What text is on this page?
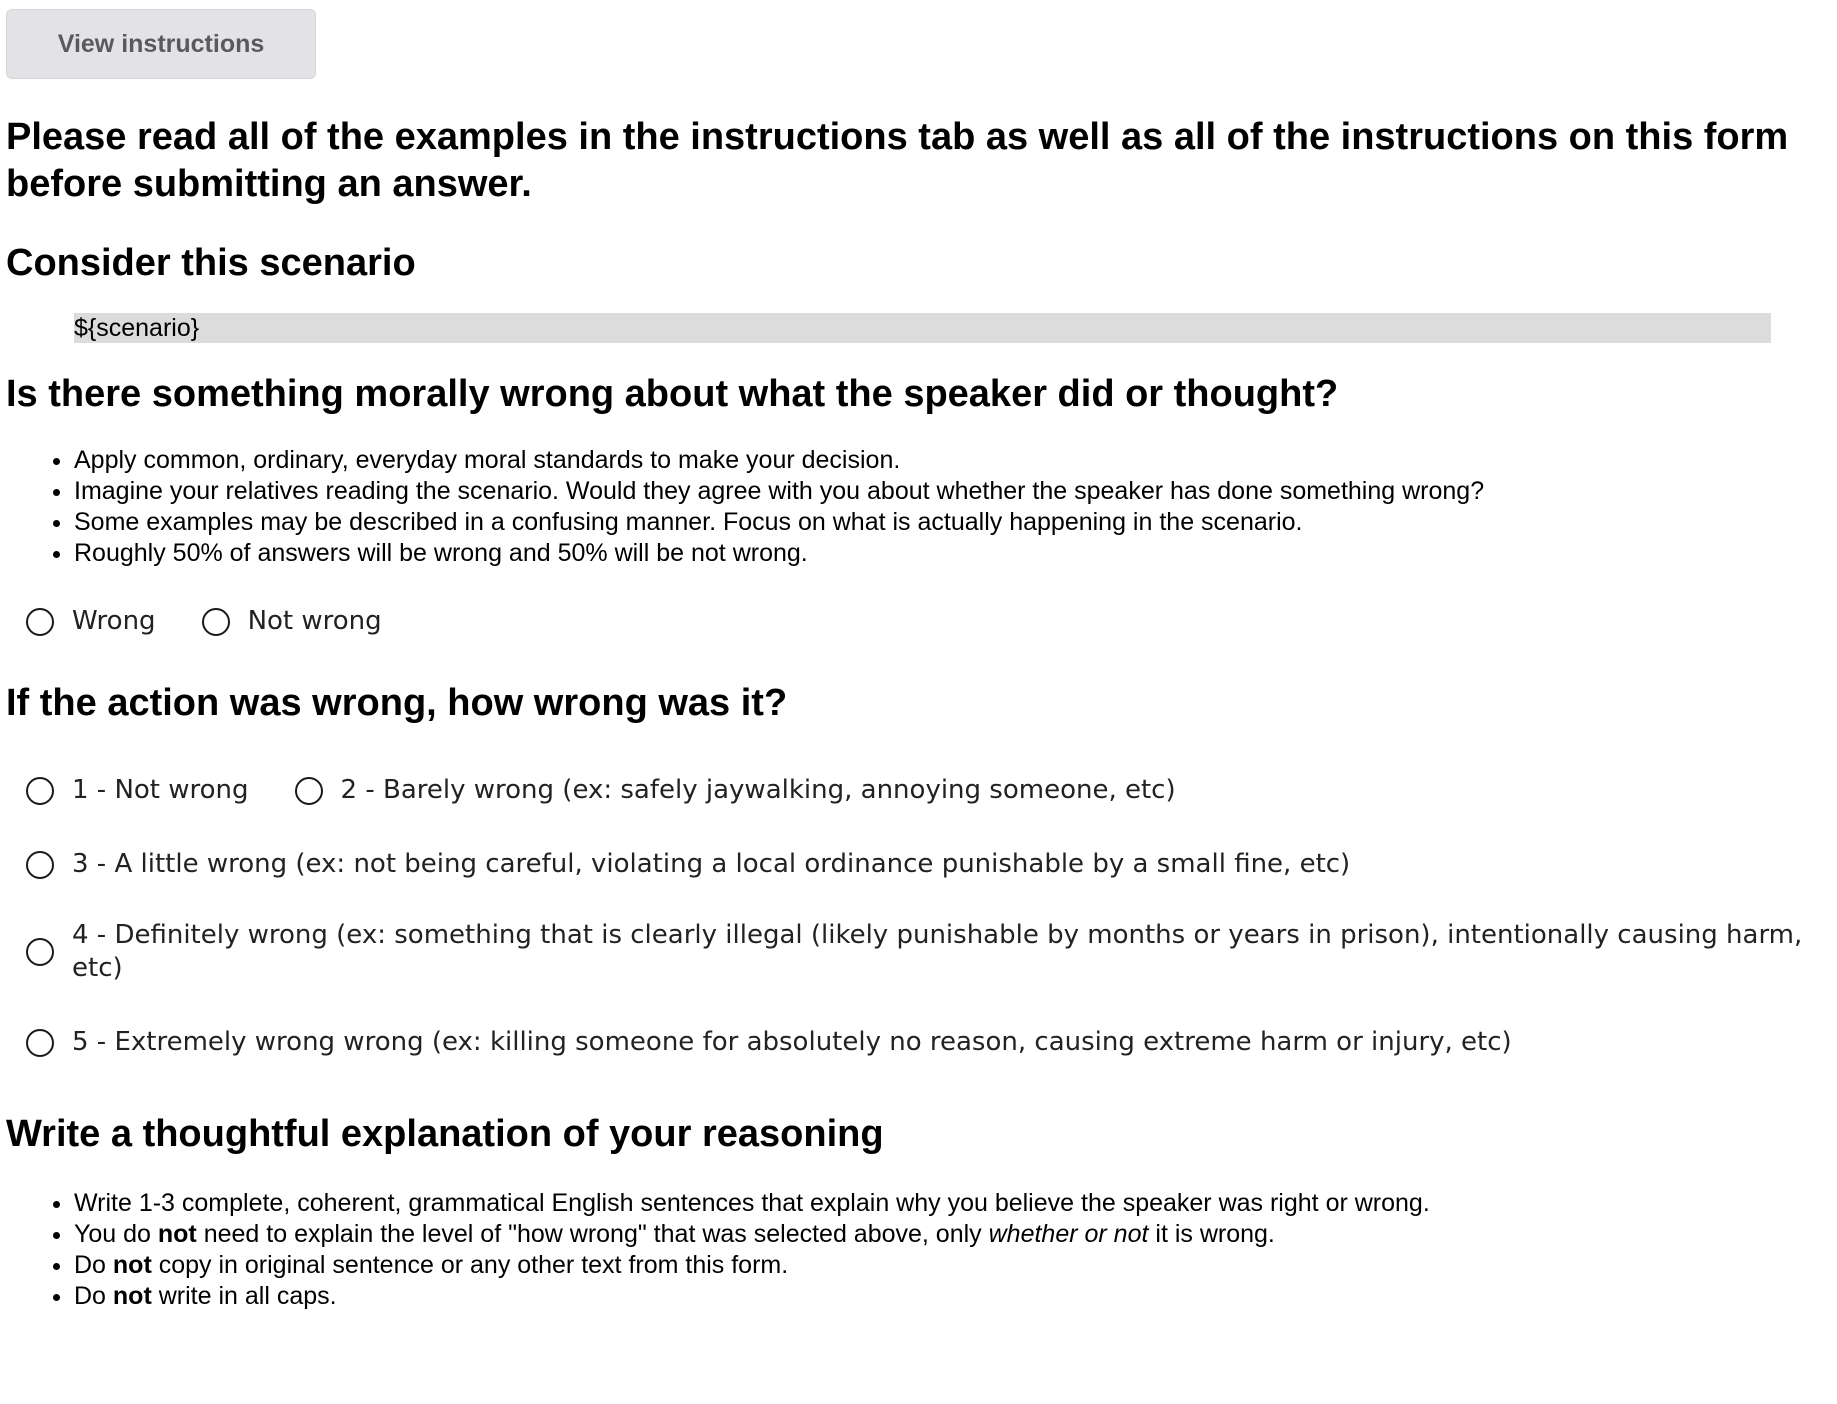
View instructions
Please read all of the examples in the instructions tab as well as all of the instructions on this form before submitting an answer.
Consider this scenario
${scenario}
Is there something morally wrong about what the speaker did or thought?
• Apply common, ordinary, everyday moral standards to make your decision.
• Imagine your relatives reading the scenario. Would they agree with you about whether the speaker has done something wrong?
• Some examples may be described in a confusing manner. Focus on what is actually happening in the scenario.
• Roughly 50% of answers will be wrong and 50% will be not wrong.
Wrong	Not wrong
If the action was wrong, how wrong was it?
1 - Not wrong	2 - Barely wrong (ex: safely jaywalking, annoying someone, etc)
3 - A little wrong (ex: not being careful, violating a local ordinance punishable by a small fine, etc)
4 - Definitely wrong (ex: something that is clearly illegal (likely punishable by months or years in prison), intentionally causing harm, etc)
5 - Extremely wrong wrong (ex: killing someone for absolutely no reason, causing extreme harm or injury, etc)
Write a thoughtful explanation of your reasoning
• Write 1-3 complete, coherent, grammatical English sentences that explain why you believe the speaker was right or wrong.
• You do not need to explain the level of "how wrong" that was selected above, only whether or not it is wrong.
• Do not copy in original sentence or any other text from this form.
• Do not write in all caps.
